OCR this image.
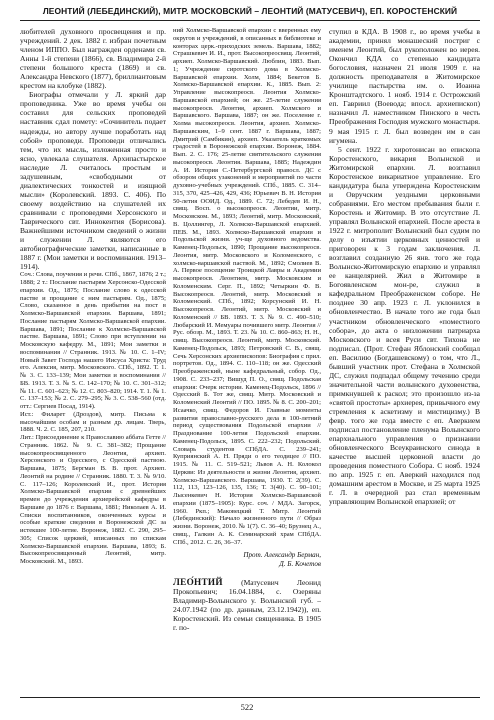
ЛЕОНТИЙ (ЛЕБЕДИНСКИЙ), МИТР. МОСКОВСКИЙ – ЛЕОНТИЙ (МАТУСЕВИЧ), ЕП. КОРОСТЕНСКИЙ

любителей духовного просвещения и пр. учреждений. 2 дек. 1882 г. избран почетным членом ИППО. Был награжден орденами св. Анны 1-й степени (1866), св. Владимира 2-й степени большого креста (1869) и св. Александра Невского (1877), бриллиантовым крестом на клобуке (1882).

Биографы отмечали у Л. яркий дар проповедника. Уже во время учебы он составил для сельских проповедей наставник сдал помету: «Сочинитель подает надежды, но автору лучше поработать над собой» проповеди. Проповеди отличались тем, что их мысль, изложенная просто и ясно, увлекала слушателя. Архипастырское наследие Л. считалось простым и задушевным, «свободными от диалектических тонкостей и изящной мысли» (Королевский. 1893. С. 406). По своему воздействию на слушателей их сравнивали с проповедями Херсонского и Таврического свт. Иннокентия (Борисова). Важнейшими источником сведений о жизни и служении Л. являются его автобиографические заметки, написанные в 1887 г. (Мои заметки и воспоминания. 1913–1914).

Соч.: Слова, поучения и речи. СПб., 1867, 1876; 2 т.; 1888; 2 т.: Послание пастырям Херсонско-Одесской епархии. Од., 1875; Послание слово к одесской пастве и прощание с ним пастырям. Од., 1875; Слово, сказанное в день прибытия на пост в Холмско-Варшавской епархии. Варшава, 1891; Послание пастырям Холмско-Варшавской епархии. Варшава, 1891; Послание к Холмско-Варшавской пастве. Варшава, 1891; Слово при вступлении на Московскую кафедру. М., 1891; Мои заметки и воспоминания // Странник. 1913. № 10. С. 1–IV; Новый Завет Господа нашего Иисуса Христа: Труд его. Алексия, митр. Московского. СПб., 1892. Т. 1. № 3. С. 133–139; Мои заметки и воспоминания // БВ. 1913. Т. 3. № 5. С. 142–170; № 10. С. 301–312; № 11. С. 601–623; № 12. С. 803–820; 1914. Т. 1. № 1. С. 137–153; № 2. С. 279–295; № 3. С. 538–560 (отд. отт.: Сергиев Посад, 1914).

Ист.: Филарет (Дроздов), митр. Письма к высочайшим особам и разным др. лицам. Тверь, 1888. Ч. 2. С. 185, 207, 210.

Лит.: Присоединение к Православию аббата Гетте // Странник. 1862. № 9. С. 381–382; Прощание высокопреосвященного Леонтия, архиеп. Херсонского и Одесского, с Одесской паствою. Варшава, 1875; Бергман В. В. прот. Архиеп. Леонтий на родине // Странник. 1880. Т. 3. № 9/10. С. 117–126; Королевский И., прот. История Холмско-Варшавской епархии с древнейших времен до учреждения архиерейской кафедры в Варшаве до 1876 г. Варшава, 1881; Николаев А. И. Списки воспитанников, оконченных курсы и особые краткие сведения в Воронежской ДС за истекшее 100-летие. Воронеж, 1882. С. 290, 295–305; Список церквей, вписанных по спискам Холмско-Варшавской епархии. Варшава, 1893; Б. Высокопреосвященный Леонтий, митр. Московский. М., 1893.

ний Холмско-Варшавской епархии с вверенных ему округов и учреждений, в описанных в библиотеке и конторах церк.-приходских земель. Варшава, 1882; Страшкевич И. И., прот. Высокопреосвящ. Леонтий, архиеп. Холмско-Варшавский. Люблин, 1883. Вып. 1; Учреждение сиротского дома в Холмско-Варшавской епархии. Холм, 1884; Бекетов Б. Холмско-Варшавской епархии. К., 1885. Вып. 2: Управление высокопреосв. Леонтия Холмско-Варшавской епархией; он же. 25-летие служения высокопреосв. Леонтия, архиеп. Холмского и Варшавского. Варшава, 1887; он же. Поселение г. Холма высокопреосв. Леонтия, архиеп. Холмско-Варшавским, 1–9 сент. 1887 г. Варшава, 1887; Дмитрий (Самбикин), архиеп. Указатель краткомых градостей в Воронежской епархии. Воронеж, 1884. Вып. 2. С. 176; 25-летие святительского служения высокопреосв. Леонтия. Варшава, 1885; Надеждин А. И. История С.-Петербургской правосл. ДС с обзором общих узаконений и мероприятий по части духовно-учебных учреждений. СПб., 1885. С. 314–315, 370, 425–426, 429, 436; Юрьевич В. Н. История 50-летия ООИД. Од., 1889. С. 72; Лебедев И. Н., свящ. Восп. о высокопреосв. Леонтии, митр. Московском. М., 1893; Леонтий, митр. Московский, В. Цоллингер, Л. Холмско-Варшавской епархией. ПЕВ. М., 1893. Холмско-Варшавской епархии и Подольской жизни. уч-ще духовного ведомства. Каменец-Подольск, 1890; Прощание высокопреосв. Леонтия, митр. Московского и Коломенского, с холмско-варшавской паствой. М., 1892; Смолиев В. А. Первое посещение Троицкой Лавры и Академии высокопреосв. Леонтием, митр. Московским и Коломенским. Серг. П., 1892; Четыркин Ф. В. Высокопреосв. Леонтий, митр. Московский и Коломенский. СПб., 1892; Корсунский И. Н. Высокопреосв. Леонтий, митр. Московский и Коломенский // БВ. 1893. Т. 3. № 9. С. 490–510; Любарский И. Мемуары почившего митр. Леонтия // Рус. обозр. М., 1893. Т. 23. № 10. С. 860–863; Н. Н., свящ. Высокопреосв. Леонтий, митр. Московский. Каменец-Подольск, 1893; Петровский С. В., свящ. Сечь Херсонских архиепископов: Биография с прил. портретов. Од., 1894. С. 110–118; он же. Одесский Преображенский, ныне кафедральный, собор. Од., 1908. С. 233–237; Вишуд П. О., свящ. Подольская епархия: Очерк истории. Каменец-Подольск, 1896 // Одесский Б. Тот же, свящ. Митр. Московский и Коломенский Леонтий // ПО. 1895. № 8. С. 200–201; Исаачко, свящ. Федоров И. Главные моменты развития православно-русского дела в 100-летний период существования Подольской епархии // Празднование 100-летия Подольской епархии. Каменец-Подольск, 1895. С. 222–232; Подольский. Словарь студентов СПбДА. С. 239–241; Куприянский А. Н. Пряди о его теодицее // ПО. 1915. № 11. С. 519–521; Львов А. Н. Колокол Церкви: Из деятельности и жизни Леонтия, архиеп. Холмско-Варшавского. Варшава, 1930. Т. 2(39). С. 112, 113, 123–126, 135, 136; Т. 3(40). С. 90–101; Лысенкевич Н. История Холмско-Варшавской епархии (1875–1905): Курс. соч. / МДА. Загорск, 1960. Ркп.; Маковецкий Т. Митр. Леонтий (Лебединский): Начало жизненного пути // Образ жизни. Воронеж, 2010. № 1(7). С. 36–40; Брузнец А., свящ., Галкин А. К. Семинарский храм СПбДА. СПб., 2012. С. 26, 36–37.

Прот. Александр Берман,
Д. Б. Кочетов

ЛЕО́НТИЙ (Матусевич Леонид Прокопьевич; 16.04.1884, с. Озеряны Владимир-Волынского у. Волынской губ. – 24.07.1942 (по др. данным, 23.12.1942)), еп. Коростенский. Из семьи священника. В 1905 г. по-

ступил в КДА. В 1908 г., во время учебы в академии, принял монашеский постриг с именем Леонтий, был рукоположен во иерея. Окончил КДА со степенью кандидата богословия, назначен 21 июля 1909 г. на должность преподавателя в Житомирское училище пастырства им. о. Иоанна Кронштадтского. 1 нояб. 1914 г. Острожский еп. Гавриил (Воевода; впосл. архиепископ) назначил Л. наместником Пинского в честь Преображения Господня мужского монастыря. 9 мая 1915 г. Л. был возведен им в сан игумена.

5 сент. 1922 г. хиротонисан во епископа Коростенского, викария Волынской и Житомирской епархии. Л. возглавил Коростенское викариатное управление. Его кандидатура была утверждена Коростенским и Овручским уездными церковными собраниями. Его местом пребывания были г. Коростень и Житомир. В это отсутствие Л. управлял Волынской епархией. После ареста в 1922 г. митрополит Волынский был судим по делу о изъятии церковных ценностей и приговорен к 3 годам заключения. Л. возглавил созданную 26 янв. того же года Волынско-Житомирскую епархию и управлял ее канцелярией. Жил в Житомире в Богоявленском мон-ре, служил в кафедральном Преображенском соборе. Не позднее 30 апр. 1923 г. Л. уклонился в обновленчество. В начале того же года был участником обновленческого «поместного собора», до акта о низложении патриарха Московского и всея Руси свт. Тихона не подписал. (Прот. Стефан Яблонский сообщал еп. Василию (Богдашевскому) о том, что Л., бывший участник прот. Стефана в Холмской ДС, служил подпадал общему течению среди значительной части волынского духовенства, примкнувшей к раскол; это произошло из-за «святой простоты» архиерея, привычного ему стремления к аскетизму и мистицизму.) В февр. того же года вместе с еп. Аверкием подписал постановление пленума Волынского епархиального управления о признании обновленческого Всеукраинского синода в качестве высшей церковной власти до проведения поместного Собора. С нояб. 1924 по апр. 1925 г. еп. Аверкий находился под домашним арестом в Москве, и 25 марта 1925 г. Л. в очередной раз стал временным управляющим Волынской епархией; от

522
